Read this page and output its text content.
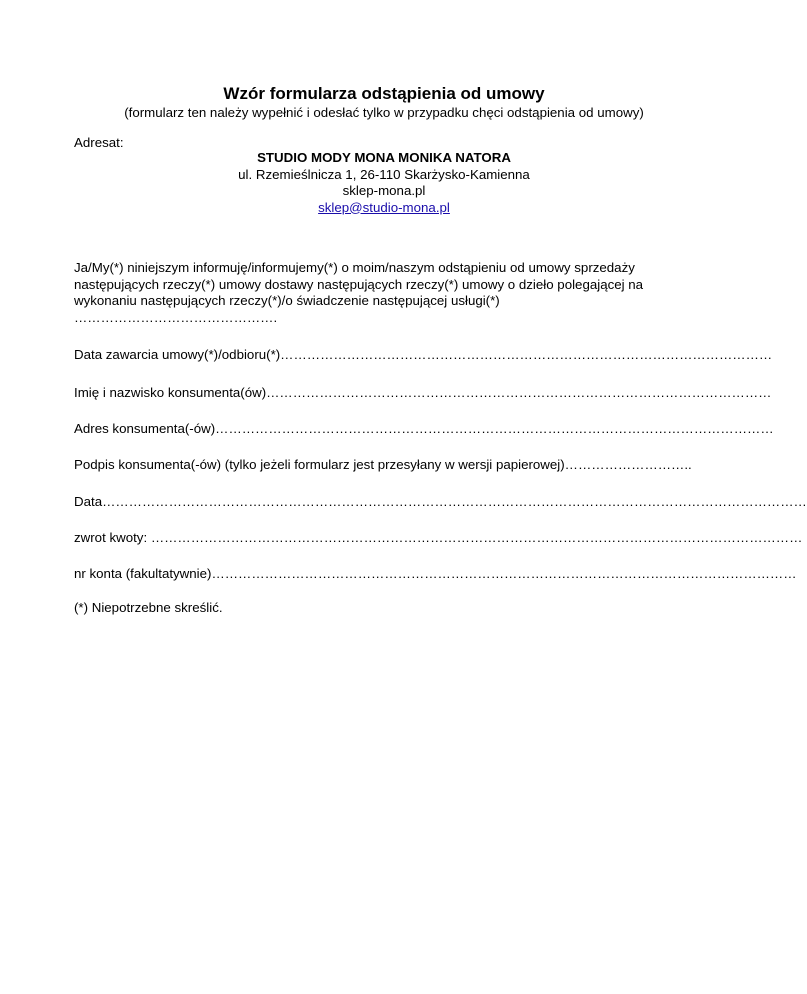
Wzór formularza odstąpienia od umowy
(formularz ten należy wypełnić i odesłać tylko w przypadku chęci odstąpienia od umowy)
Adresat:
STUDIO MODY MONA MONIKA NATORA
ul. Rzemieślnicza 1, 26-110 Skarżysko-Kamienna
sklep-mona.pl
sklep@studio-mona.pl
Ja/My(*) niniejszym informuję/informujemy(*) o moim/naszym odstąpieniu od umowy sprzedaży następujących rzeczy(*) umowy dostawy następujących rzeczy(*) umowy o dzieło polegającej na wykonaniu następujących rzeczy(*)/o świadczenie następującej usługi(*) ……………………………………….
Data zawarcia umowy(*)/odbioru(*)…………………………………………………………………………………………………
Imię i nazwisko konsumenta(ów)……………………………………………………………………………………………………
Adres konsumenta(-ów)………………………………………………………………………………………………………………
Podpis konsumenta(-ów) (tylko jeżeli formularz jest przesyłany w wersji papierowej)………………………..
Data……………………………………………………………………………………………………………………………………………
zwrot kwoty: …………………………………………………………………………………………………………………………………
nr konta (fakultatywnie)……………………………………………………………………………………………………………………
(*) Niepotrzebne skreślić.
